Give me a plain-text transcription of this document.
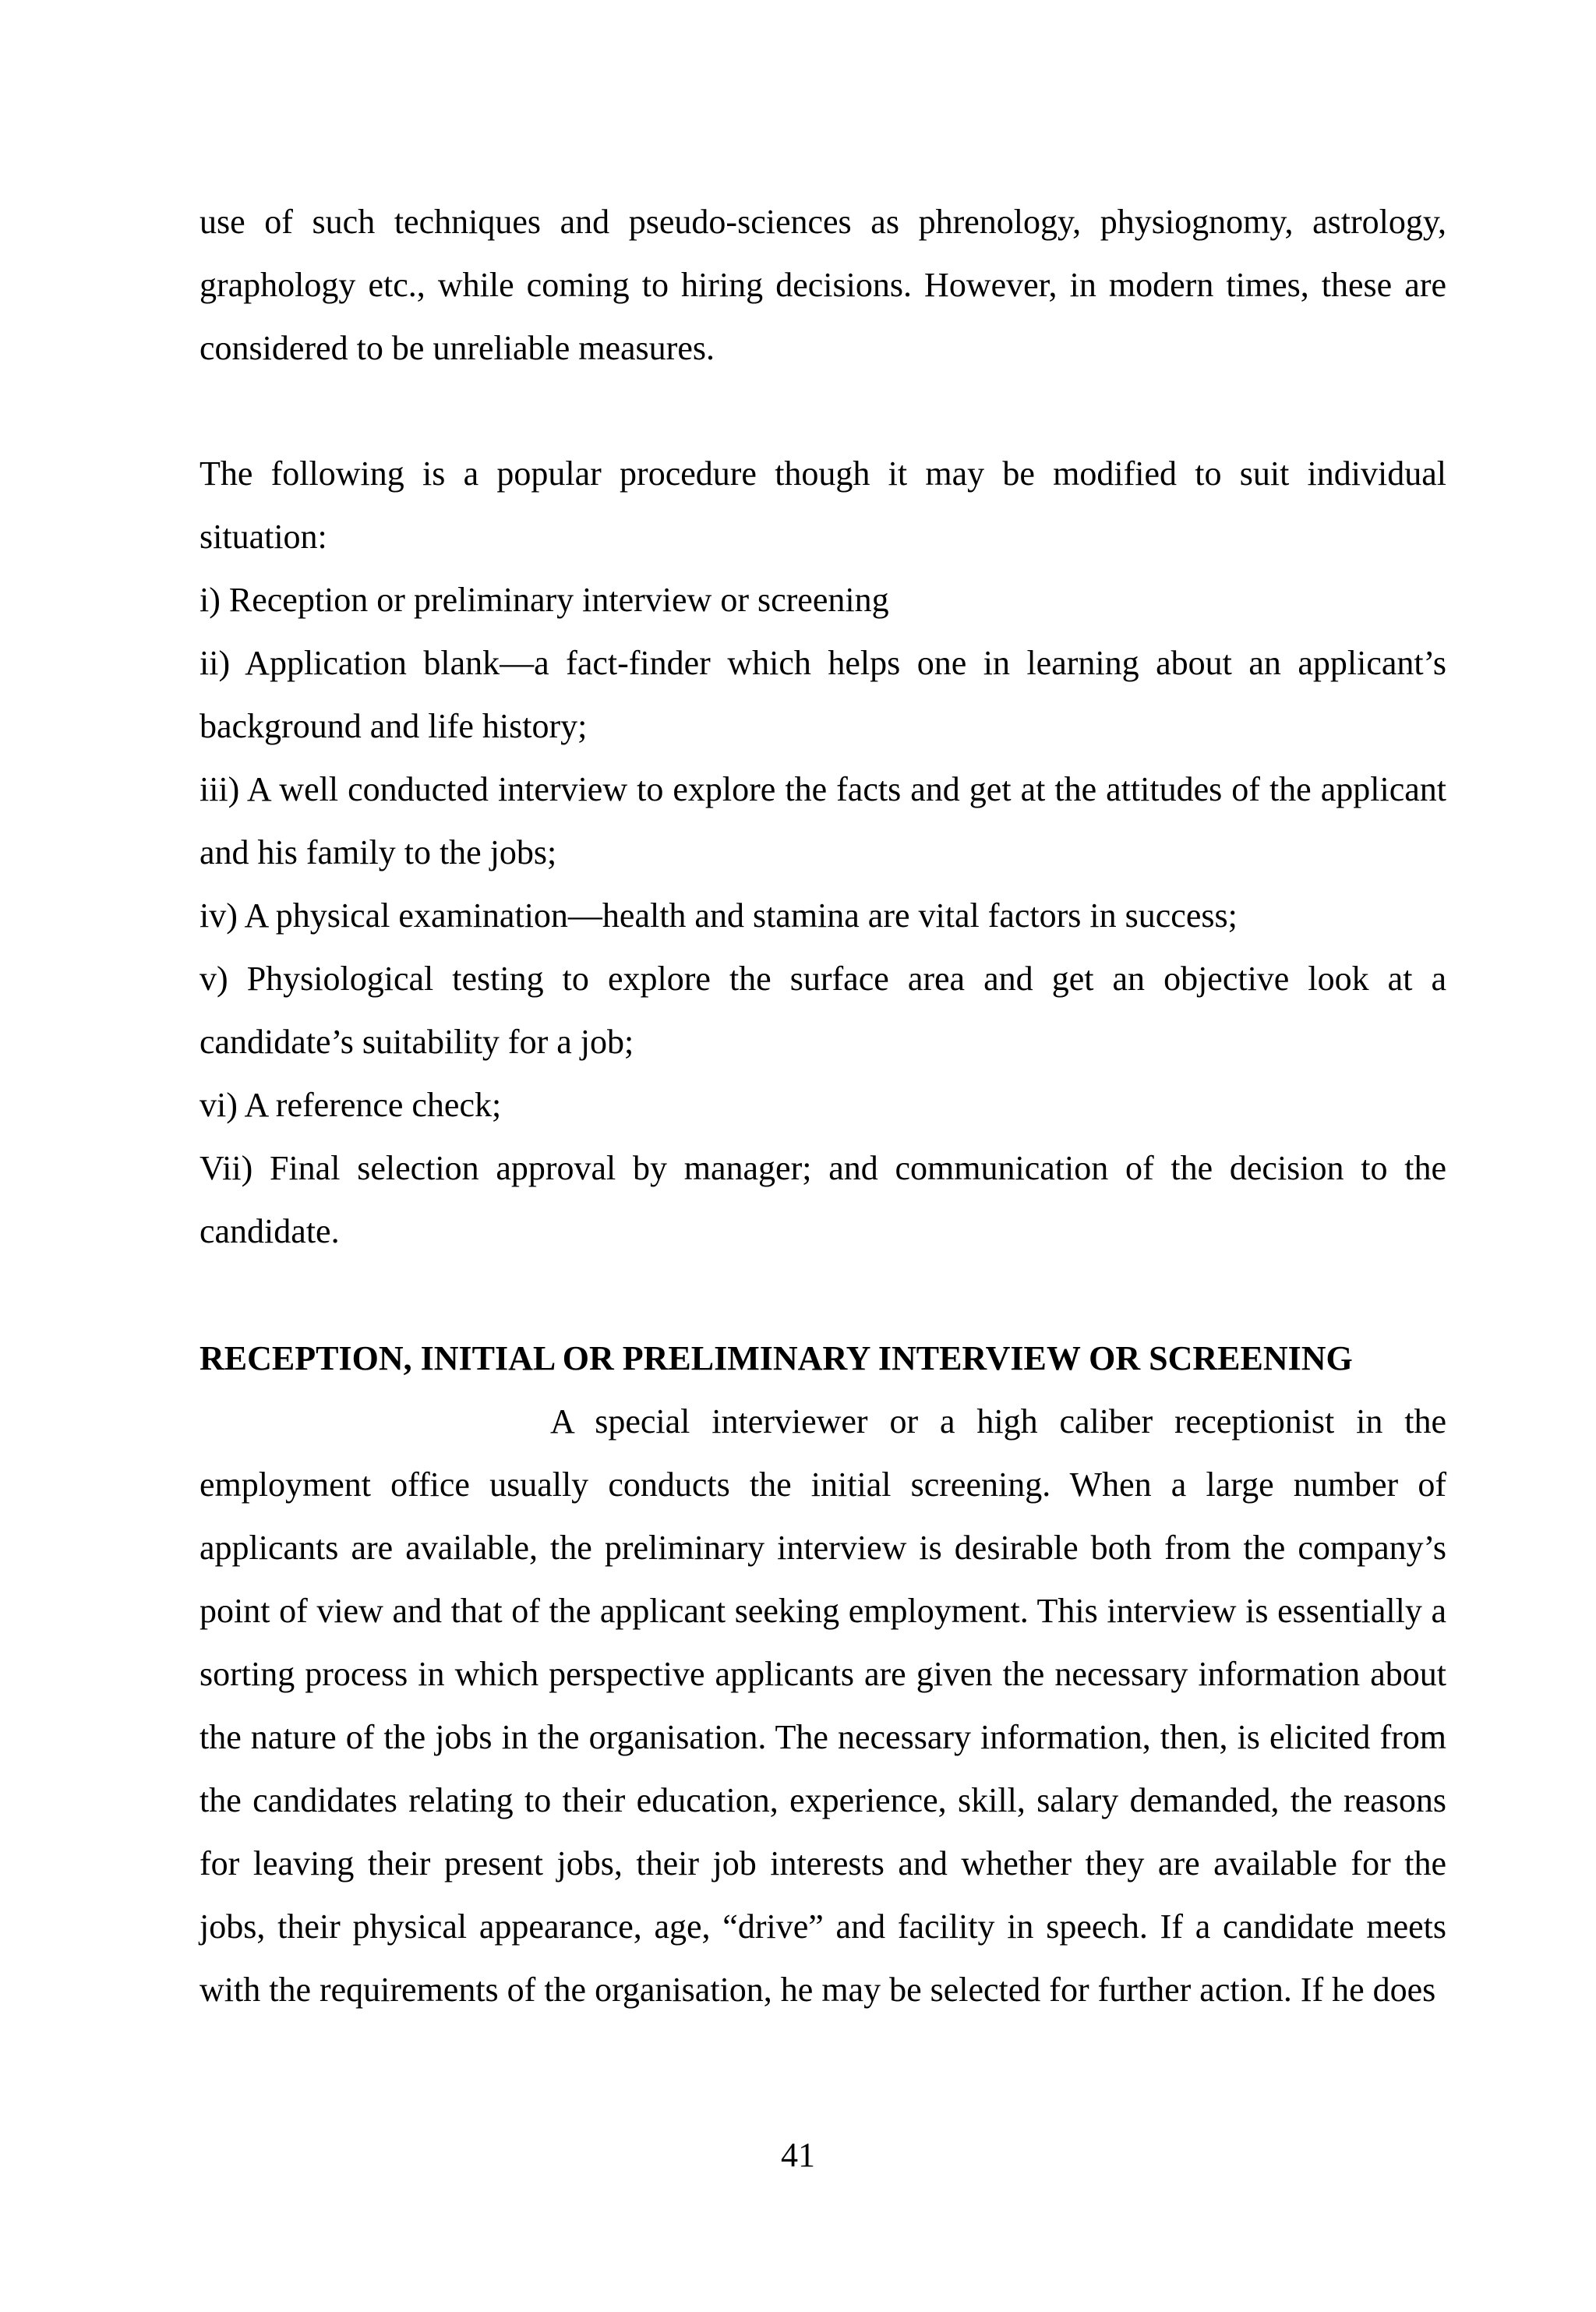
use of such techniques and pseudo-sciences as phrenology, physiognomy, astrology, graphology etc., while coming to hiring decisions. However, in modern times, these are considered to be unreliable measures.

The following is a popular procedure though it may be modified to suit individual situation:

i) Reception or preliminary interview or screening

ii) Application blank—a fact-finder which helps one in learning about an applicant’s background and life history;

iii) A well conducted interview to explore the facts and get at the attitudes of the applicant and his family to the jobs;

iv) A physical examination—health and stamina are vital factors in success;

v) Physiological testing to explore the surface area and get an objective look at a candidate’s suitability for a job;

vi) A reference check;

Vii) Final selection approval by manager; and communication of the decision to the candidate.

RECEPTION, INITIAL OR PRELIMINARY INTERVIEW OR SCREENING

A special interviewer or a high caliber receptionist in the employment office usually conducts the initial screening. When a large number of applicants are available, the preliminary interview is desirable both from the company’s point of view and that of the applicant seeking employment. This interview is essentially a sorting process in which perspective applicants are given the necessary information about the nature of the jobs in the organisation. The necessary information, then, is elicited from the candidates relating to their education, experience, skill, salary demanded, the reasons for leaving their present jobs, their job interests and whether they are available for the jobs, their physical appearance, age, “drive” and facility in speech. If a candidate meets with the requirements of the organisation, he may be selected for further action. If he does

41
